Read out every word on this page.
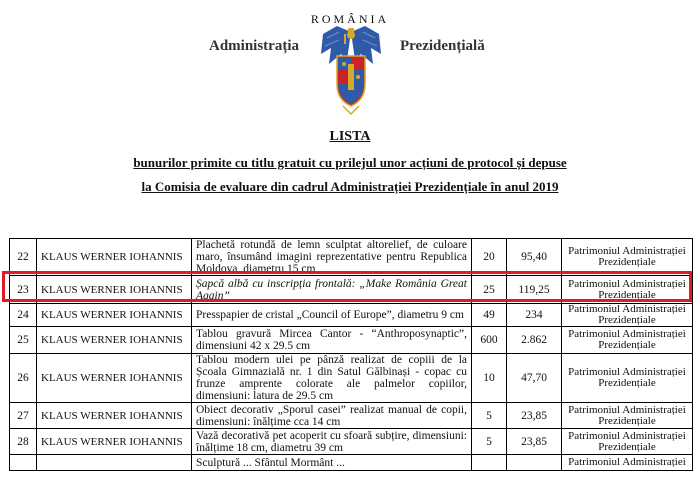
ROMÂNIA
Administrația	Prezidențială
LISTA
bunurilor primite cu titlu gratuit cu prilejul unor acțiuni de protocol și depuse
la Comisia de evaluare din cadrul Administrației Prezidențiale în anul 2019
22	KLAUS WERNER IOHANNIS	Plachetă rotundă de lemn sculptat altorelief, de culoare maro, însumând imagini reprezentative pentru Republica Moldova, diametru 15 cm	20	95,40	Patrimoniul Administrației Prezidențiale
23	KLAUS WERNER IOHANNIS	Șapcă albă cu inscripția frontală: „Make România Great Again”	25	119,25	Patrimoniul Administrației Prezidențiale
24	KLAUS WERNER IOHANNIS	Presspapier de cristal „Council of Europe”, diametru 9 cm	49	234	Patrimoniul Administrației Prezidențiale
25	KLAUS WERNER IOHANNIS	Tablou gravură Mircea Cantor - “Anthroposynaptic”, dimensiuni 42 x 29.5 cm	600	2.862	Patrimoniul Administrației Prezidențiale
26	KLAUS WERNER IOHANNIS	Tablou modern ulei pe pânză realizat de copiii de la Școala Gimnazială nr. 1 din Satul Gălbinași - copac cu frunze amprente colorate ale palmelor copiilor, dimensiuni: latura de 29.5 cm	10	47,70	Patrimoniul Administrației Prezidențiale
27	KLAUS WERNER IOHANNIS	Obiect decorativ „Sporul casei” realizat manual de copii, dimensiuni: înălțime cca 14 cm	5	23,85	Patrimoniul Administrației Prezidențiale
28	KLAUS WERNER IOHANNIS	Vază decorativă pet acoperit cu sfoară subțire, dimensiuni: înălțime 18 cm, diametru 39 cm	5	23,85	Patrimoniul Administrației Prezidențiale
		Sculptură ... Sfântul Mormânt ...			Patrimoniul Administrației
